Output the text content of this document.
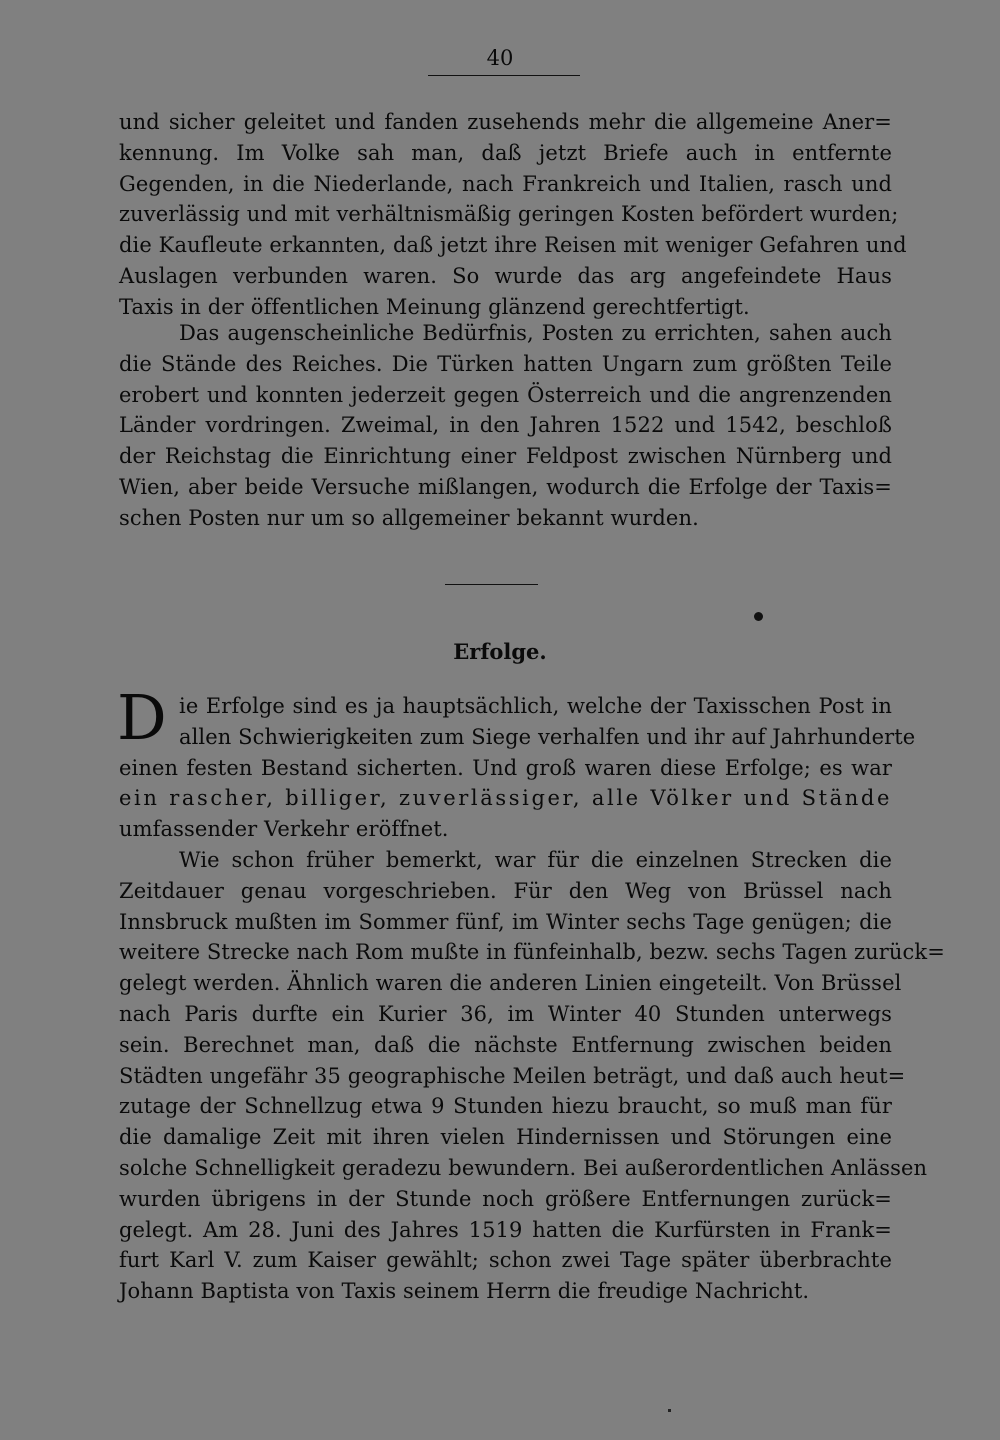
40
und sicher geleitet und fanden zusehends mehr die allgemeine Aner=
kennung. Im Volke sah man, daß jetzt Briefe auch in entfernte
Gegenden, in die Niederlande, nach Frankreich und Italien, rasch und
zuverlässig und mit verhältnismäßig geringen Kosten befördert wurden;
die Kaufleute erkannten, daß jetzt ihre Reisen mit weniger Gefahren und
Auslagen verbunden waren. So wurde das arg angefeindete Haus
Taxis in der öffentlichen Meinung glänzend gerechtfertigt.
Das augenscheinliche Bedürfnis, Posten zu errichten, sahen auch
die Stände des Reiches. Die Türken hatten Ungarn zum größten Teile
erobert und konnten jederzeit gegen Österreich und die angrenzenden
Länder vordringen. Zweimal, in den Jahren 1522 und 1542, beschloß
der Reichstag die Einrichtung einer Feldpost zwischen Nürnberg und
Wien, aber beide Versuche mißlangen, wodurch die Erfolge der Taxis=
schen Posten nur um so allgemeiner bekannt wurden.
Erfolge.
D ie Erfolge sind es ja hauptsächlich, welche der Taxisschen Post in
allen Schwierigkeiten zum Siege verhalfen und ihr auf Jahrhunderte
einen festen Bestand sicherten. Und groß waren diese Erfolge; es war
ein rascher, billiger, zuverlässiger, alle Völker und Stände
umfassender Verkehr eröffnet.
Wie schon früher bemerkt, war für die einzelnen Strecken die
Zeitdauer genau vorgeschrieben. Für den Weg von Brüssel nach
Innsbruck mußten im Sommer fünf, im Winter sechs Tage genügen; die
weitere Strecke nach Rom mußte in fünfeinhalb, bezw. sechs Tagen zurück=
gelegt werden. Ähnlich waren die anderen Linien eingeteilt. Von Brüssel
nach Paris durfte ein Kurier 36, im Winter 40 Stunden unterwegs
sein. Berechnet man, daß die nächste Entfernung zwischen beiden
Städten ungefähr 35 geographische Meilen beträgt, und daß auch heut=
zutage der Schnellzug etwa 9 Stunden hiezu braucht, so muß man für
die damalige Zeit mit ihren vielen Hindernissen und Störungen eine
solche Schnelligkeit geradezu bewundern. Bei außerordentlichen Anlässen
wurden übrigens in der Stunde noch größere Entfernungen zurück=
gelegt. Am 28. Juni des Jahres 1519 hatten die Kurfürsten in Frank=
furt Karl V. zum Kaiser gewählt; schon zwei Tage später überbrachte
Johann Baptista von Taxis seinem Herrn die freudige Nachricht.
